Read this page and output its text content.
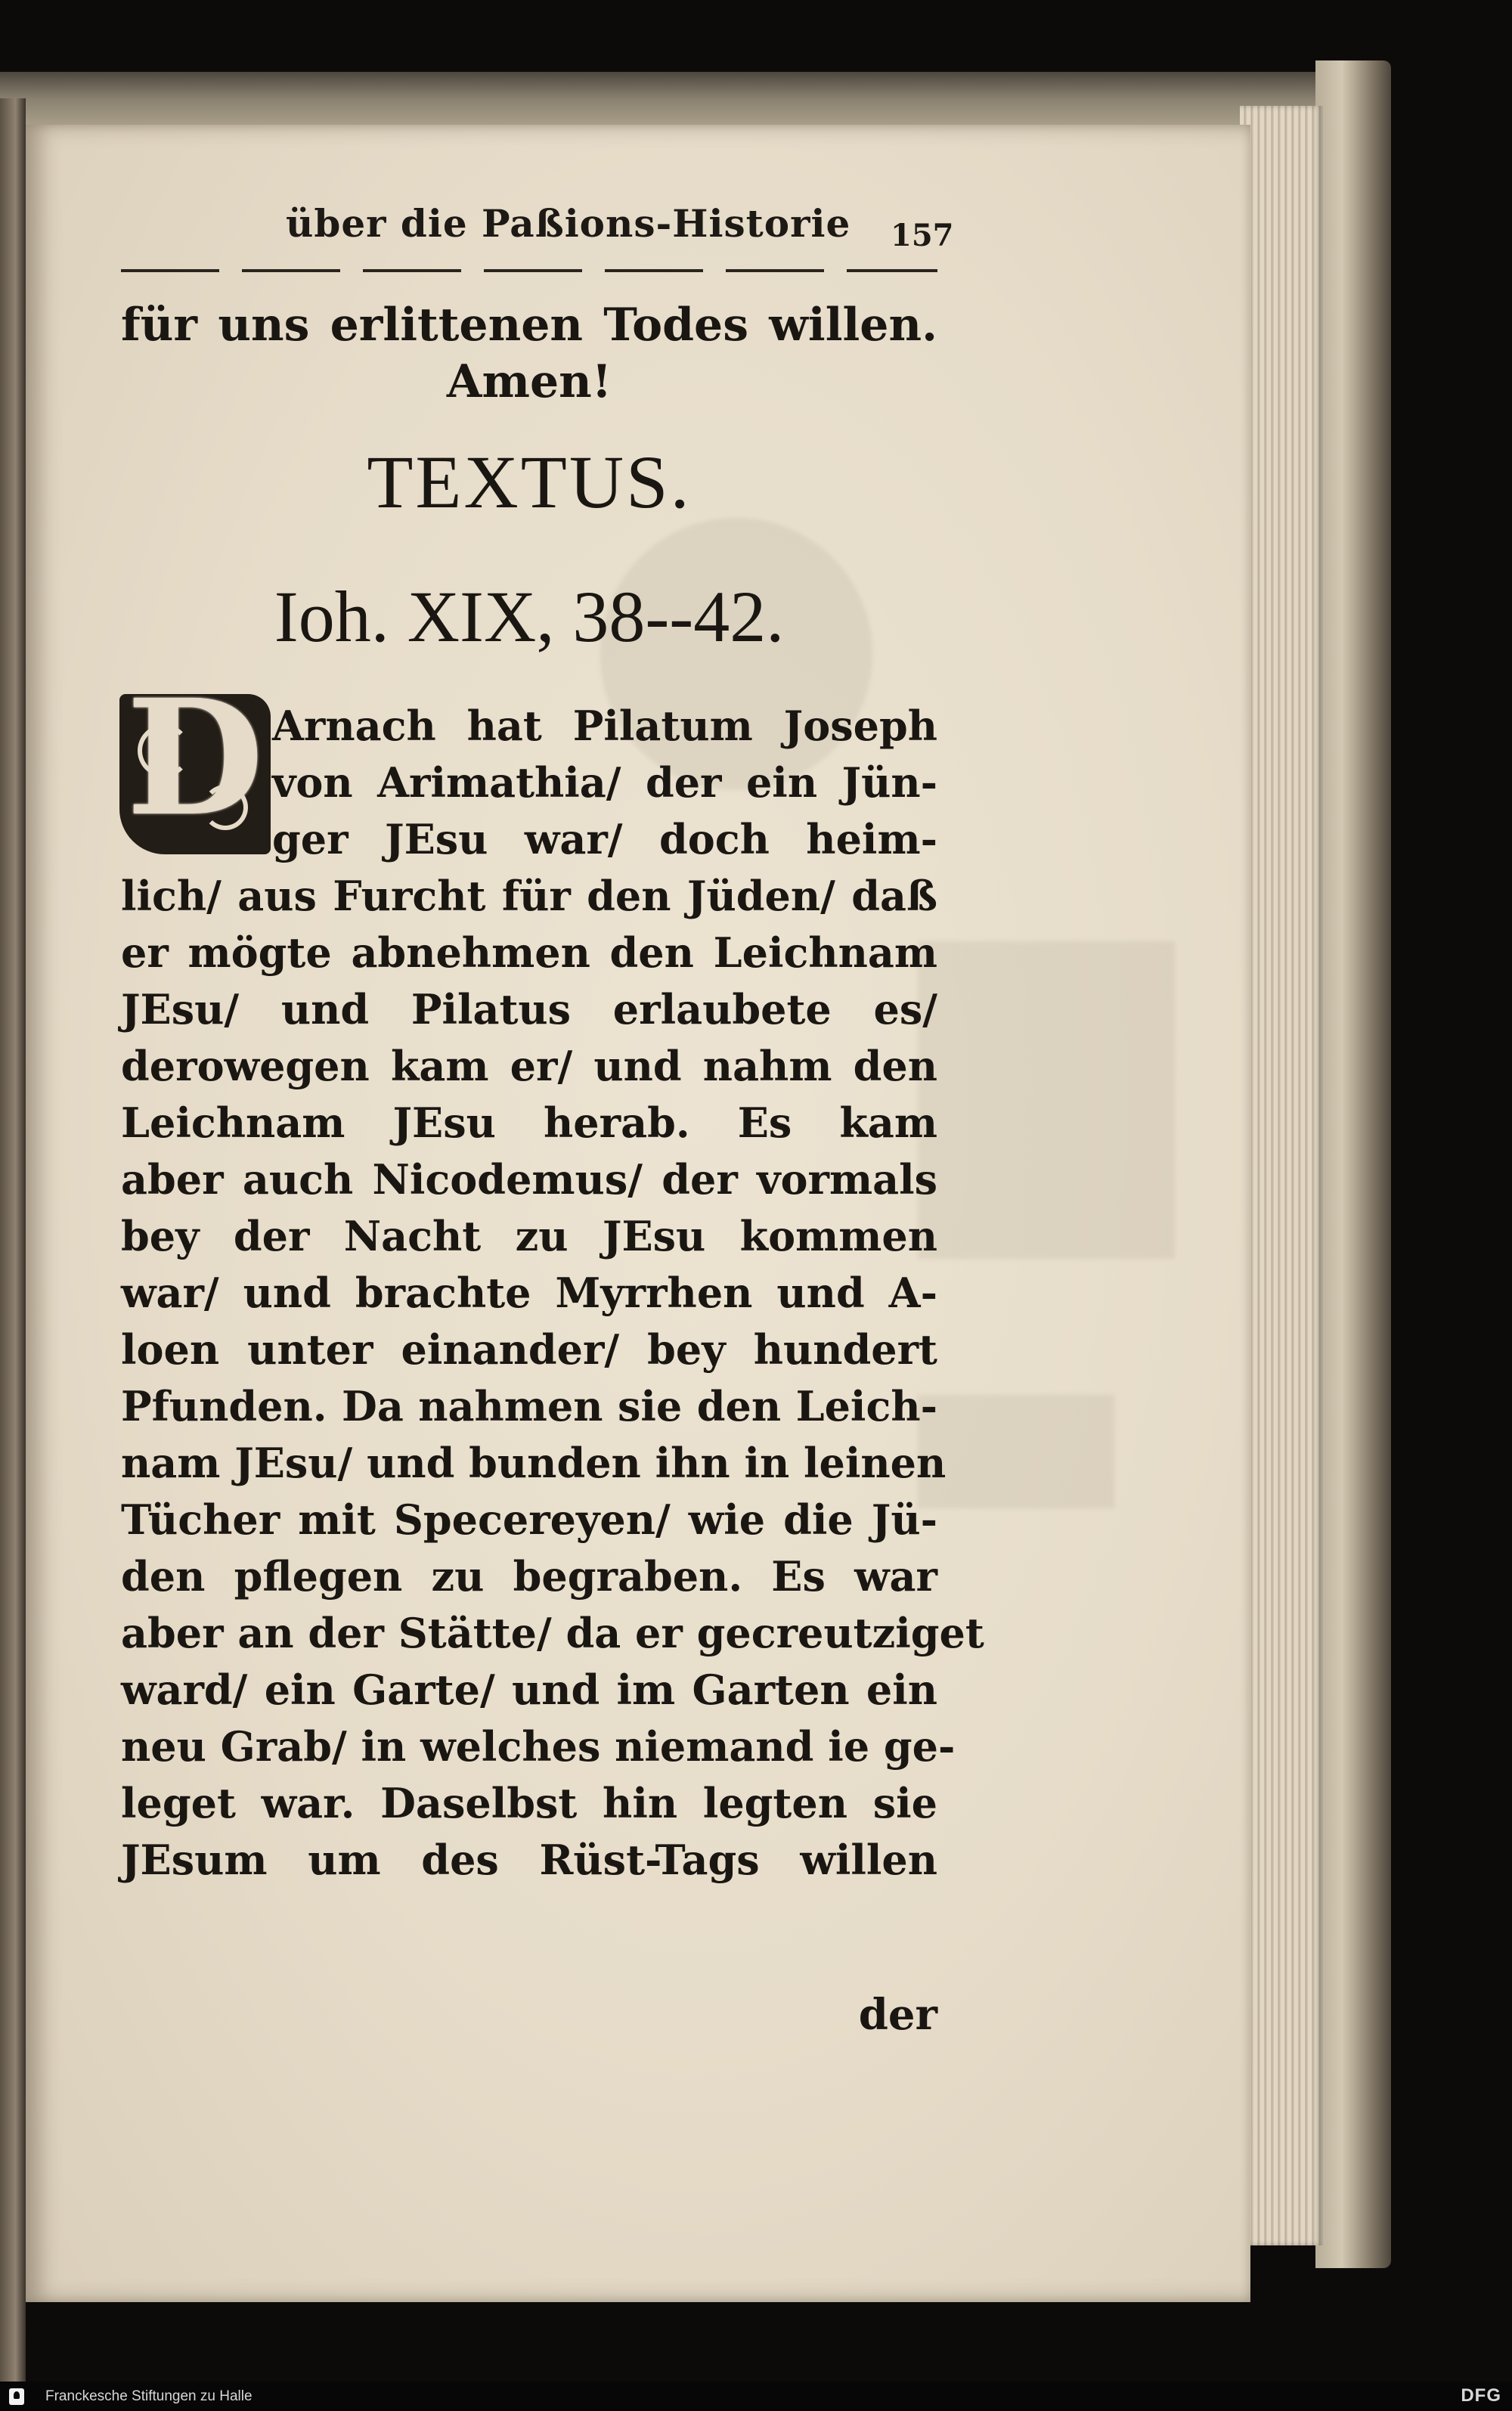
über die Paßions-Historie	157
für uns erlittenen Todes willen.
Amen!
TEXTUS.
Ioh. XIX, 38--42.
D Arnach hat Pilatum Joseph
von Arimathia/ der ein Jün-
ger JEsu war/ doch heim-
lich/ aus Furcht für den Jüden/ daß
er mögte abnehmen den Leichnam
JEsu/ und Pilatus erlaubete es/
derowegen kam er/ und nahm den
Leichnam JEsu herab. Es kam
aber auch Nicodemus/ der vormals
bey der Nacht zu JEsu kommen
war/ und brachte Myrrhen und A-
loen unter einander/ bey hundert
Pfunden. Da nahmen sie den Leich-
nam JEsu/ und bunden ihn in leinen
Tücher mit Specereyen/ wie die Jü-
den pflegen zu begraben. Es war
aber an der Stätte/ da er gecreutziget
ward/ ein Garte/ und im Garten ein
neu Grab/ in welches niemand ie ge-
leget war. Daselbst hin legten sie
JEsum um des Rüst-Tags willen
der
Franckesche Stiftungen zu Halle	DFG
